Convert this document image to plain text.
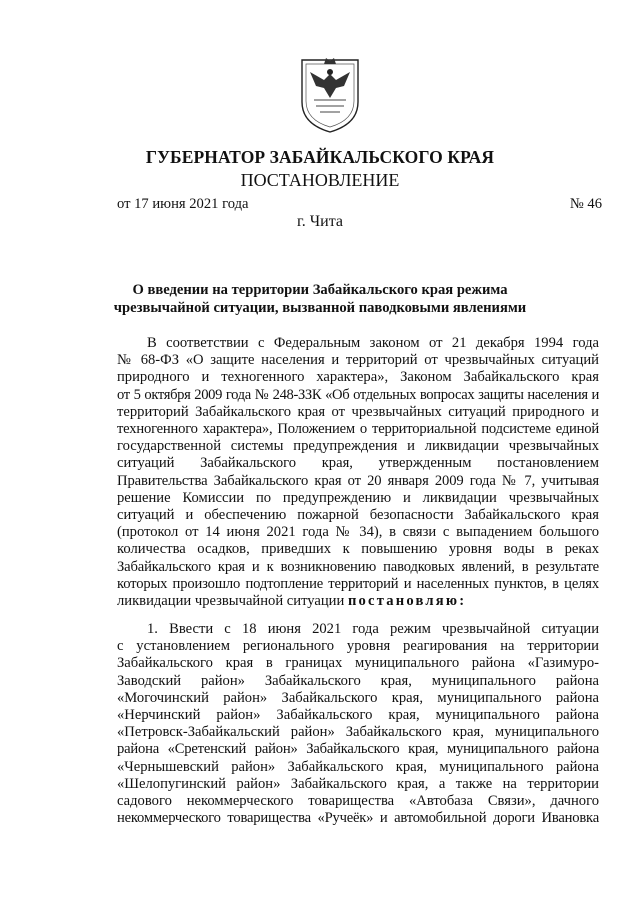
ГУБЕРНАТОР ЗАБАЙКАЛЬСКОГО КРАЯ
ПОСТАНОВЛЕНИЕ
от 17 июня 2021 года	№ 46
г. Чита
О введении на территории Забайкальского края режима
чрезвычайной ситуации, вызванной паводковыми явлениями
В соответствии с Федеральным законом от 21 декабря 1994 года
№ 68-ФЗ «О защите населения и территорий от чрезвычайных ситуаций
природного и техногенного характера», Законом Забайкальского края
от 5 октября 2009 года № 248-ЗЗК «Об отдельных вопросах защиты населения и
территорий Забайкальского края от чрезвычайных ситуаций природного и
техногенного характера», Положением о территориальной подсистеме единой
государственной системы предупреждения и ликвидации чрезвычайных
ситуаций Забайкальского края, утвержденным постановлением
Правительства Забайкальского края от 20 января 2009 года № 7, учитывая
решение Комиссии по предупреждению и ликвидации чрезвычайных
ситуаций и обеспечению пожарной безопасности Забайкальского края
(протокол от 14 июня 2021 года № 34), в связи с выпадением большого
количества осадков, приведших к повышению уровня воды в реках
Забайкальского края и к возникновению паводковых явлений, в результате
которых произошло подтопление территорий и населенных пунктов, в целях
ликвидации чрезвычайной ситуации постановляю:
1. Ввести с 18 июня 2021 года режим чрезвычайной ситуации
с установлением регионального уровня реагирования на территории
Забайкальского края в границах муниципального района «Газимуро-
Заводский район» Забайкальского края, муниципального района
«Могочинский район» Забайкальского края, муниципального района
«Нерчинский район» Забайкальского края, муниципального района
«Петровск-Забайкальский район» Забайкальского края, муниципального
района «Сретенский район» Забайкальского края, муниципального района
«Чернышевский район» Забайкальского края, муниципального района
«Шелопугинский район» Забайкальского края, а также на территории
садового некоммерческого товарищества «Автобаза Связи», дачного
некоммерческого товарищества «Ручеёк» и автомобильной дороги Ивановка
